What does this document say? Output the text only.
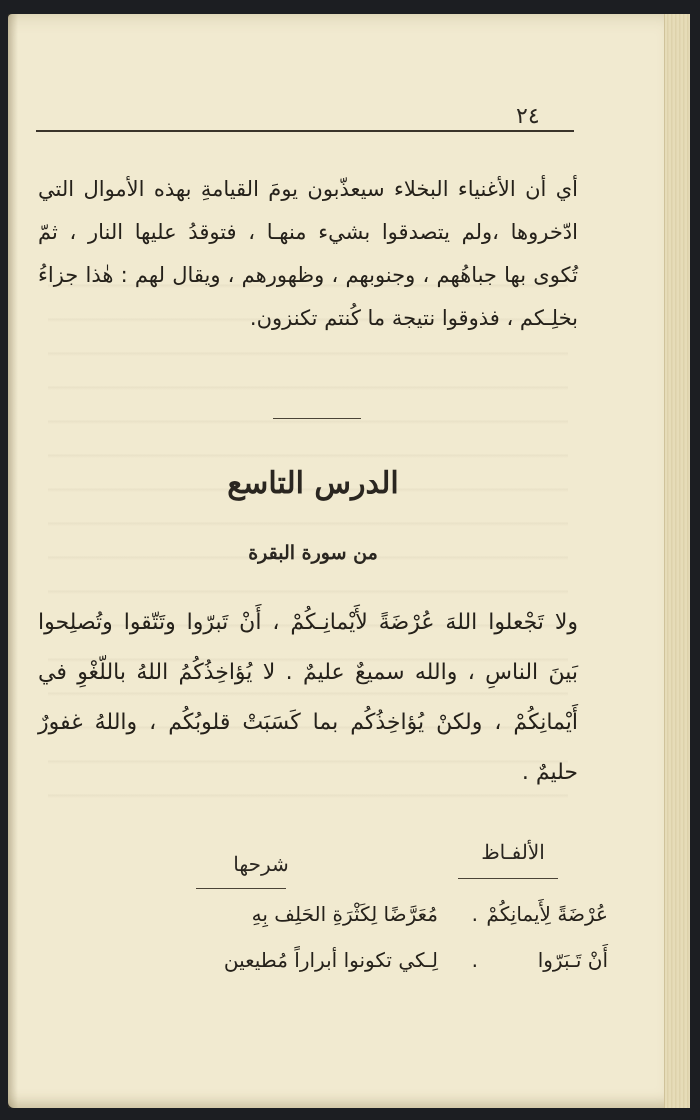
٢٤

أي أن الأغنياء البخلاء سيعذّبون يومَ القيامةِ بهذه الأموال التي ادّخروها ،ولم يتصدقوا بشيء منهـا ، فتوقدُ عليها النار ، ثمّ تُكوى بها جباهُهم ، وجنوبهم ، وظهورهم ، ويقال لهم : هٰذا جزاءُ بخلِـكم ، فذوقوا نتيجة ما كُنتم تكنزون.

الدرس التاسع
من سورة البقرة

ولا تَجْعلوا اللهَ عُرْضَةً لأَيْمانِـكُمْ ، أَنْ تَبرّوا وتَتّقوا وتُصلِحوا بَينَ الناسِ ، والله سميعٌ عليمٌ . لا يُؤاخِذُكُمُ اللهُ باللّغْوِ في أَيْمانِكُمْ ، ولكنْ يُؤاخِذُكُم بما كَسَبَتْ قلوبُكُم ، واللهُ غفورٌ حليمٌ .

الألفـاظ
شرحها
عُرْضَةً لِأَيمانِكُمْ
.
مُعَرَّضًا لِكَثْرَةِ الحَلِف بِهِ
أَنْ تَـبَرّوا
.
لِـكي تكونوا أبراراً مُطيعين
